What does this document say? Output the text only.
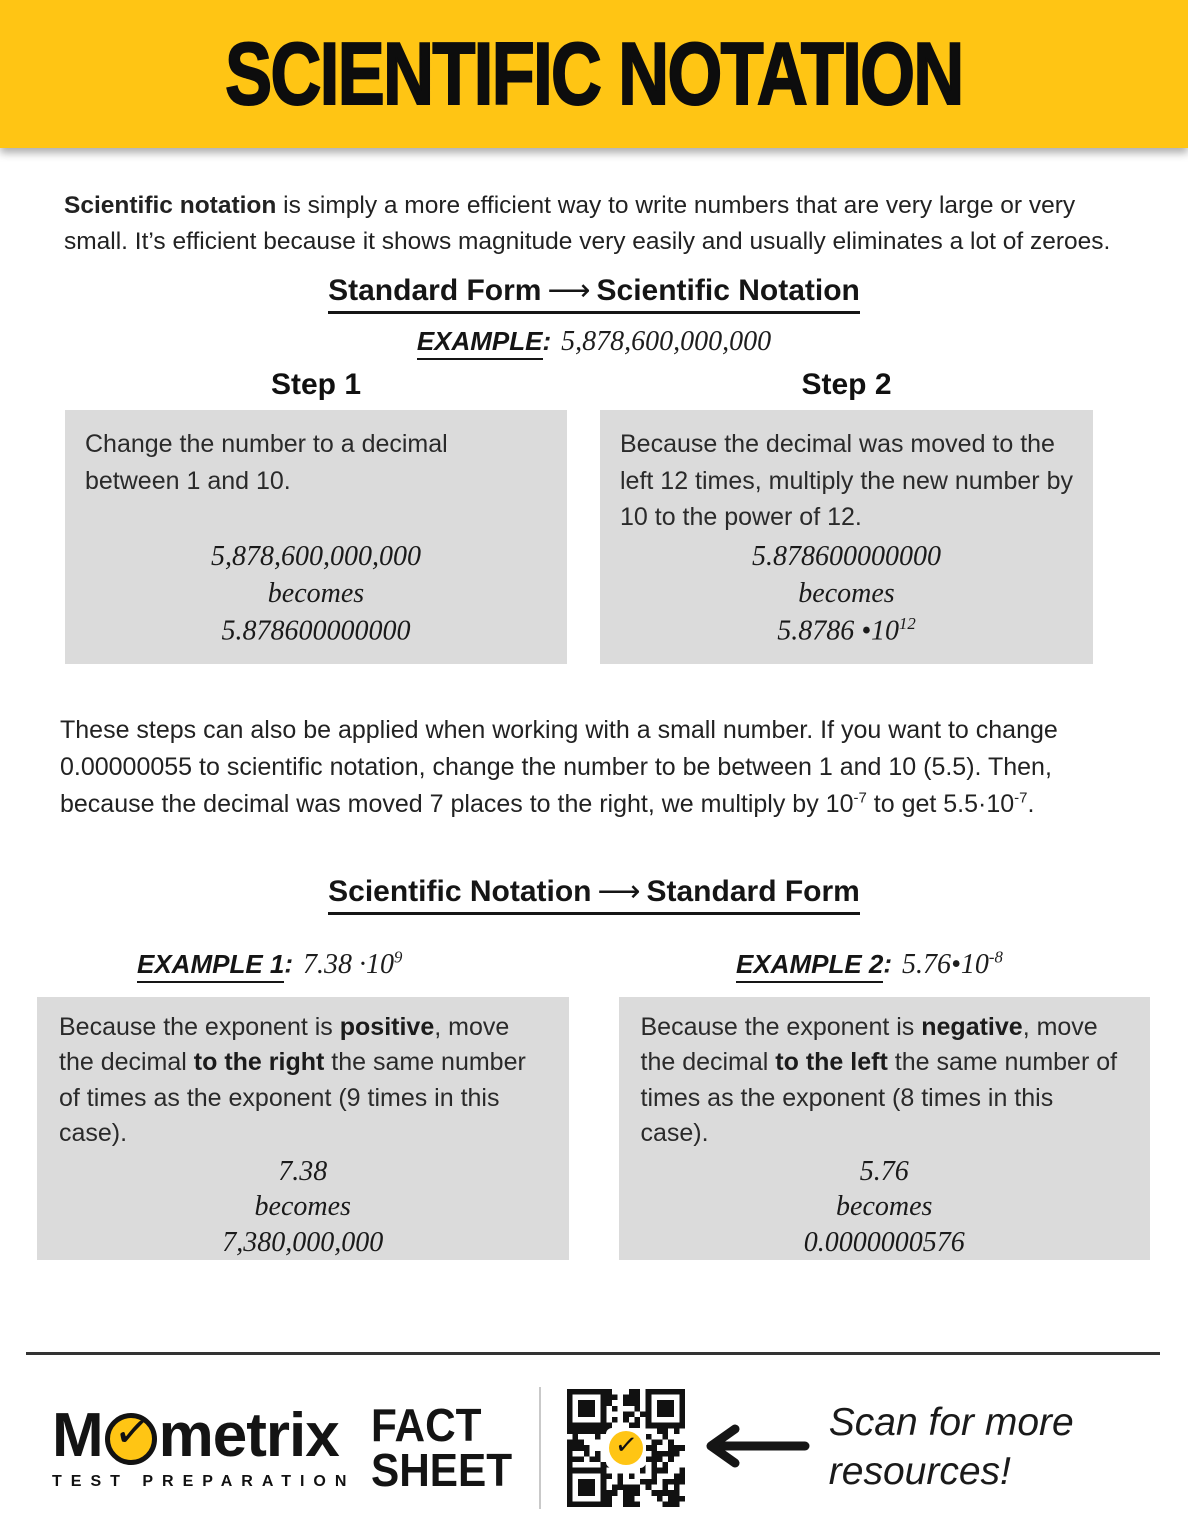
SCIENTIFIC NOTATION

Scientific notation is simply a more efficient way to write numbers that are very large or very small. It’s efficient because it shows magnitude very easily and usually eliminates a lot of zeroes.

Standard Form ⟶ Scientific Notation
EXAMPLE: 5,878,600,000,000
Step 1
Change the number to a decimal between 1 and 10.
5,878,600,000,000
becomes
5.878600000000
Step 2
Because the decimal was moved to the left 12 times, multiply the new number by 10 to the power of 12.
5.878600000000
becomes
5.8786 $•10^{12}$

These steps can also be applied when working with a small number. If you want to change 0.00000055 to scientific notation, change the number to be between 1 and 10 (5.5). Then, because the decimal was moved 7 places to the right, we multiply by $10^{-7}$ to get $5.5\cdot 10^{-7}$.

Scientific Notation ⟶ Standard Form
EXAMPLE 1: $7.38 \cdot 10^9$	EXAMPLE 2: $5.76•10^{-8}$
Because the exponent is positive, move the decimal to the right the same number of times as the exponent (9 times in this case).
7.38
becomes
7,380,000,000
Because the exponent is negative, move the decimal to the left the same number of times as the exponent (8 times in this case).
5.76
becomes
0.0000000576
M ✓ metrix
TEST PREPARATION
FACT
SHEET	✓
Scan for more
resources!
